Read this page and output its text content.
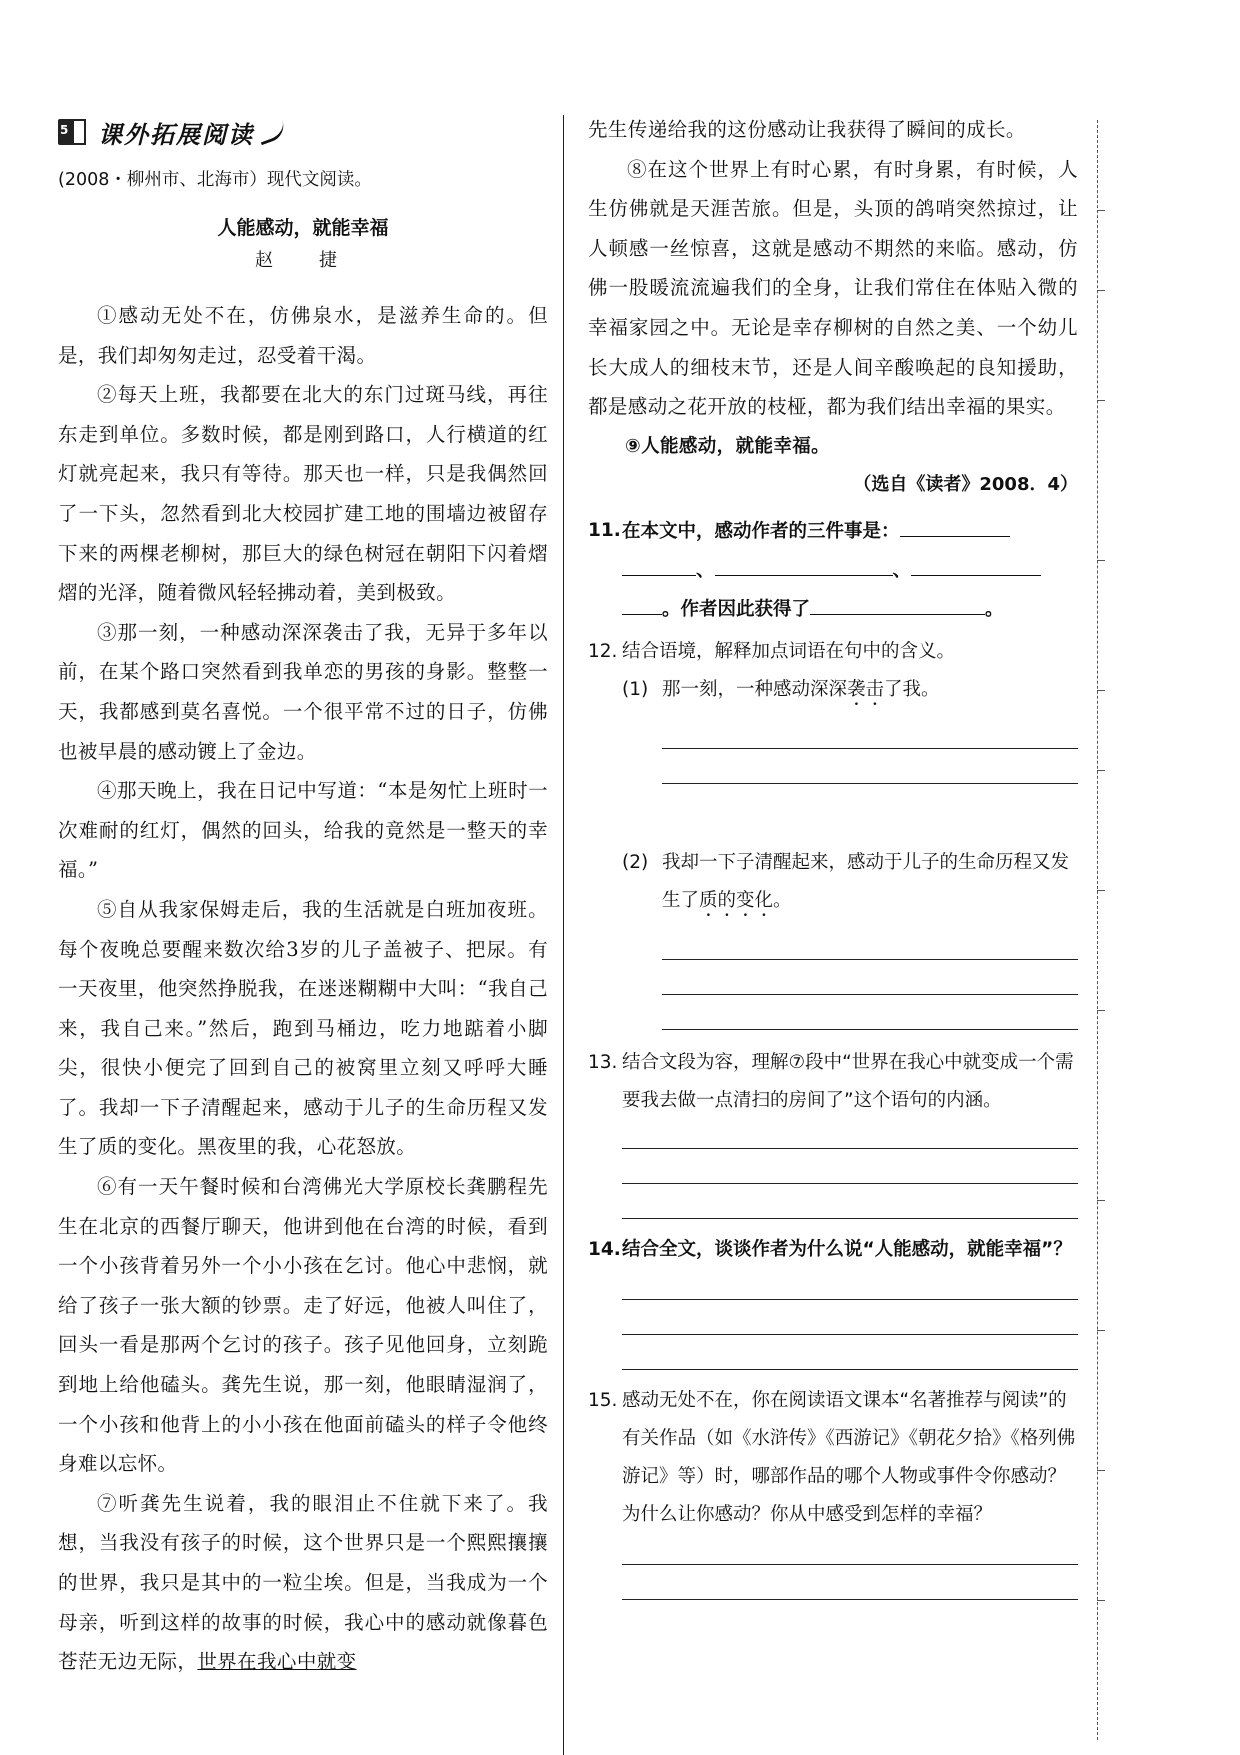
5 课外拓展阅读
(2008・柳州市、北海市）现代文阅读。
人能感动，就能幸福
赵　捷

①感动无处不在，仿佛泉水，是滋养生命的。但是，我们却匆匆走过，忍受着干渴。

②每天上班，我都要在北大的东门过斑马线，再往东走到单位。多数时候，都是刚到路口，人行横道的红灯就亮起来，我只有等待。那天也一样，只是我偶然回了一下头，忽然看到北大校园扩建工地的围墙边被留存下来的两棵老柳树，那巨大的绿色树冠在朝阳下闪着熠熠的光泽，随着微风轻轻拂动着，美到极致。

③那一刻，一种感动深深袭击了我，无异于多年以前，在某个路口突然看到我单恋的男孩的身影。整整一天，我都感到莫名喜悦。一个很平常不过的日子，仿佛也被早晨的感动镀上了金边。

④那天晚上，我在日记中写道：“本是匆忙上班时一次难耐的红灯，偶然的回头，给我的竟然是一整天的幸福。”

⑤自从我家保姆走后，我的生活就是白班加夜班。每个夜晚总要醒来数次给3岁的儿子盖被子、把尿。有一天夜里，他突然挣脱我，在迷迷糊糊中大叫：“我自己来，我自己来。”然后，跑到马桶边，吃力地踮着小脚尖，很快小便完了回到自己的被窝里立刻又呼呼大睡了。我却一下子清醒起来，感动于儿子的生命历程又发生了质的变化。黑夜里的我，心花怒放。

⑥有一天午餐时候和台湾佛光大学原校长龚鹏程先生在北京的西餐厅聊天，他讲到他在台湾的时候，看到一个小孩背着另外一个小小孩在乞讨。他心中悲悯，就给了孩子一张大额的钞票。走了好远，他被人叫住了，回头一看是那两个乞讨的孩子。孩子见他回身，立刻跪到地上给他磕头。龚先生说，那一刻，他眼睛湿润了，一个小孩和他背上的小小孩在他面前磕头的样子令他终身难以忘怀。

⑦听龚先生说着，我的眼泪止不住就下来了。我想，当我没有孩子的时候，这个世界只是一个熙熙攘攘的世界，我只是其中的一粒尘埃。但是，当我成为一个母亲，听到这样的故事的时候，我心中的感动就像暮色苍茫无边无际，世界在我心中就变

先生传递给我的这份感动让我获得了瞬间的成长。

⑧在这个世界上有时心累，有时身累，有时候，人生仿佛就是天涯苦旅。但是，头顶的鸽哨突然掠过，让人顿感一丝惊喜，这就是感动不期然的来临。感动，仿佛一股暖流流遍我们的全身，让我们常住在体贴入微的幸福家园之中。无论是幸存柳树的自然之美、一个幼儿长大成人的细枝末节，还是人间辛酸唤起的良知援助，都是感动之花开放的枝桠，都为我们结出幸福的果实。

⑨人能感动，就能幸福。

（选自《读者》2008．4）
11. 在本文中，感动作者的三件事是：
、	、
。作者因此获得了	。
12. 结合语境，解释加点词语在句中的含义。
(1) 那一刻，一种感动深深袭击了我。
(2) 我却一下子清醒起来，感动于儿子的生命历程又发生了质的变化。
13. 结合文段为容，理解⑦段中“世界在我心中就变成一个需要我去做一点清扫的房间了”这个语句的内涵。
14. 结合全文，谈谈作者为什么说“人能感动，就能幸福”？
15. 感动无处不在，你在阅读语文课本“名著推荐与阅读”的有关作品（如《水浒传》《西游记》《朝花夕拾》《格列佛游记》等）时，哪部作品的哪个人物或事件令你感动？为什么让你感动？你从中感受到怎样的幸福？
